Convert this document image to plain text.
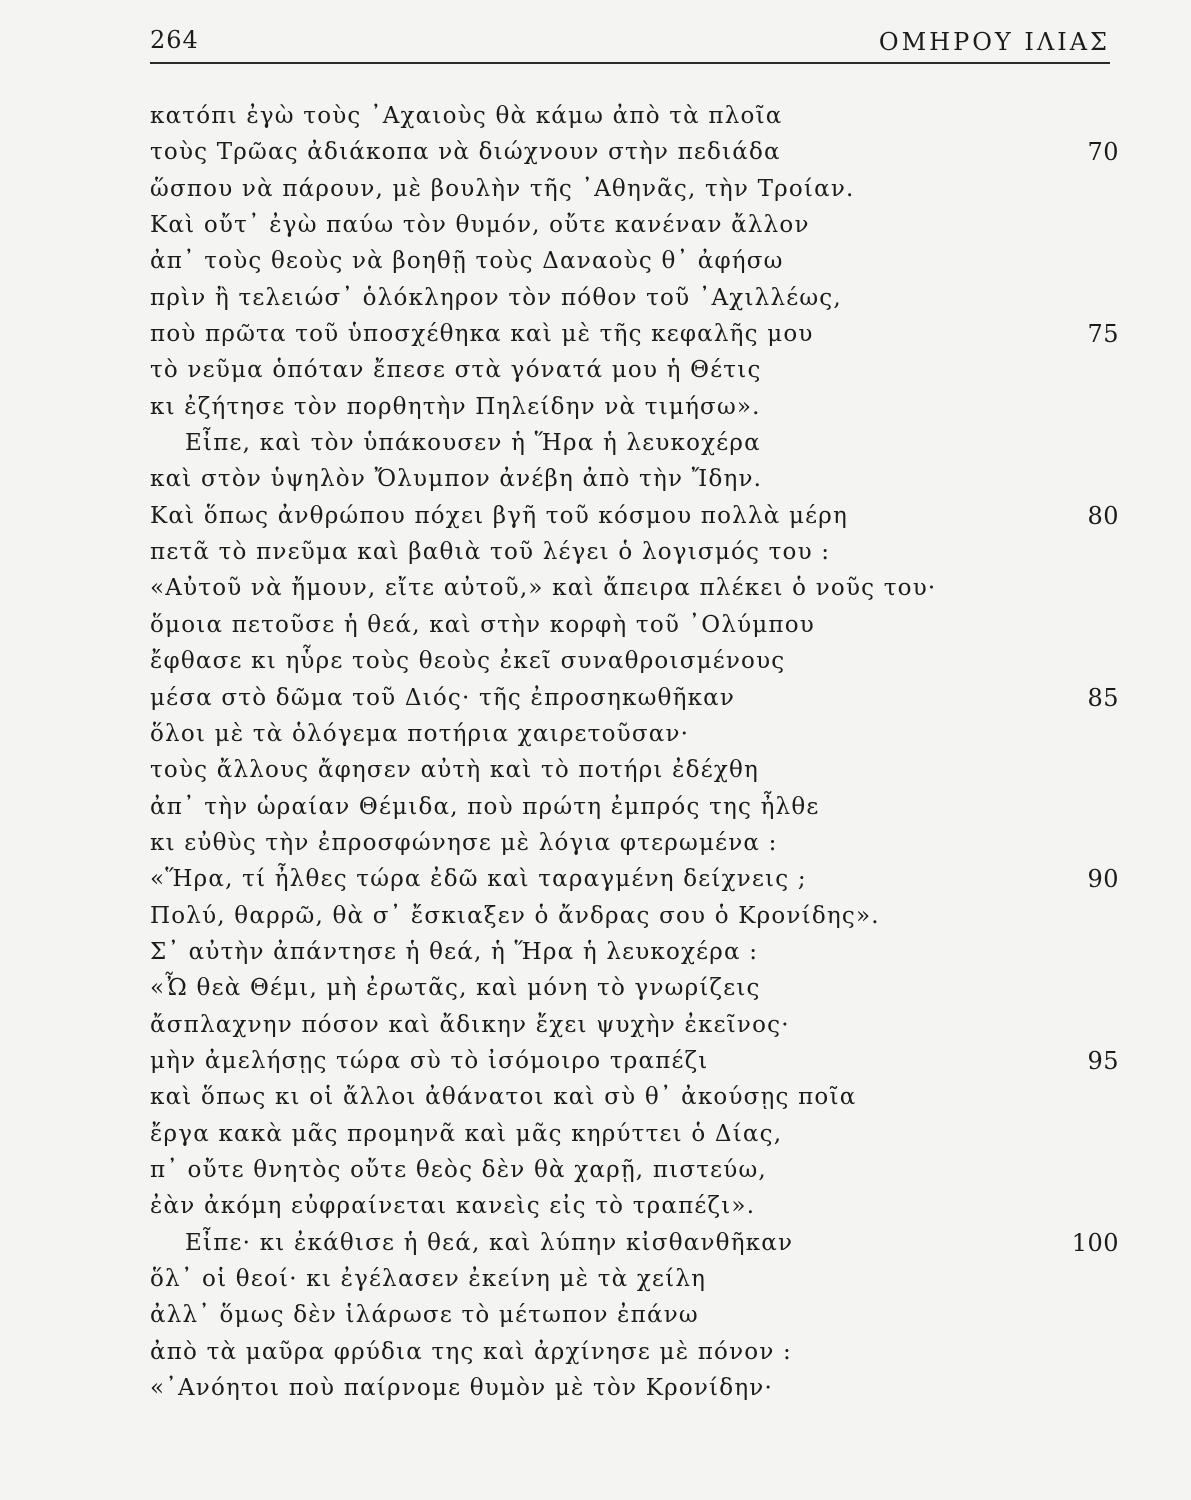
264	ΟΜΗΡΟΥ ΙΛΙΑΣ
κατόπι ἐγὼ τοὺς ᾿Αχαιοὺς θὰ κάμω ἀπὸ τὰ πλοῖα
τοὺς Τρῶας ἀδιάκοπα νὰ διώχνουν στὴν πεδιάδα	70
ὥσπου νὰ πάρουν, μὲ βουλὴν τῆς ᾿Αθηνᾶς, τὴν Τροίαν.
Καὶ οὔτ᾿ ἐγὼ παύω τὸν θυμόν, οὔτε κανέναν ἄλλον
ἀπ᾿ τοὺς θεοὺς νὰ βοηθῇ τοὺς Δαναοὺς θ᾿ ἀφήσω
πρὶν ἢ τελειώσ᾿ ὁλόκληρον τὸν πόθον τοῦ ᾿Αχιλλέως,
ποὺ πρῶτα τοῦ ὑποσχέθηκα καὶ μὲ τῆς κεφαλῆς μου	75
τὸ νεῦμα ὁπόταν ἔπεσε στὰ γόνατά μου ἡ Θέτις
κι ἐζήτησε τὸν πορθητὴν Πηλείδην νὰ τιμήσω».
Εἶπε, καὶ τὸν ὑπάκουσεν ἡ Ἥρα ἡ λευκοχέρα
καὶ στὸν ὑψηλὸν Ὄλυμπον ἀνέβη ἀπὸ τὴν Ἴδην.
Καὶ ὅπως ἀνθρώπου πόχει βγῆ τοῦ κόσμου πολλὰ μέρη	80
πετᾶ τὸ πνεῦμα καὶ βαθιὰ τοῦ λέγει ὁ λογισμός του :
«Αὐτοῦ νὰ ἤμουν, εἴτε αὐτοῦ,» καὶ ἄπειρα πλέκει ὁ νοῦς του·
ὅμοια πετοῦσε ἡ θεά, καὶ στὴν κορφὴ τοῦ ᾿Ολύμπου
ἔφθασε κι ηὗρε τοὺς θεοὺς ἐκεῖ συναθροισμένους
μέσα στὸ δῶμα τοῦ Διός· τῆς ἐπροσηκωθῆκαν	85
ὅλοι μὲ τὰ ὁλόγεμα ποτήρια χαιρετοῦσαν·
τοὺς ἄλλους ἄφησεν αὐτὴ καὶ τὸ ποτήρι ἐδέχθη
ἀπ᾿ τὴν ὡραίαν Θέμιδα, ποὺ πρώτη ἐμπρός της ἦλθε
κι εὐθὺς τὴν ἐπροσφώνησε μὲ λόγια φτερωμένα :
«Ἥρα, τί ἦλθες τώρα ἐδῶ καὶ ταραγμένη δείχνεις ;	90
Πολύ, θαρρῶ, θὰ σ᾿ ἔσκιαξεν ὁ ἄνδρας σου ὁ Κρονίδης».
Σ᾿ αὐτὴν ἀπάντησε ἡ θεά, ἡ Ἥρα ἡ λευκοχέρα :
«Ὦ θεὰ Θέμι, μὴ ἐρωτᾶς, καὶ μόνη τὸ γνωρίζεις
ἄσπλαχνην πόσον καὶ ἄδικην ἔχει ψυχὴν ἐκεῖνος·
μὴν ἀμελήσῃς τώρα σὺ τὸ ἰσόμοιρο τραπέζι	95
καὶ ὅπως κι οἱ ἄλλοι ἀθάνατοι καὶ σὺ θ᾿ ἀκούσῃς ποῖα
ἔργα κακὰ μᾶς προμηνᾶ καὶ μᾶς κηρύττει ὁ Δίας,
π᾿ οὔτε θνητὸς οὔτε θεὸς δὲν θὰ χαρῇ, πιστεύω,
ἐὰν ἀκόμη εὐφραίνεται κανεὶς εἰς τὸ τραπέζι».
Εἶπε· κι ἐκάθισε ἡ θεά, καὶ λύπην κἰσθανθῆκαν	100
ὅλ᾿ οἱ θεοί· κι ἐγέλασεν ἐκείνη μὲ τὰ χείλη
ἀλλ᾿ ὅμως δὲν ἱλάρωσε τὸ μέτωπον ἐπάνω
ἀπὸ τὰ μαῦρα φρύδια της καὶ ἀρχίνησε μὲ πόνον :
«᾿Ανόητοι ποὺ παίρνομε θυμὸν μὲ τὸν Κρονίδην·
